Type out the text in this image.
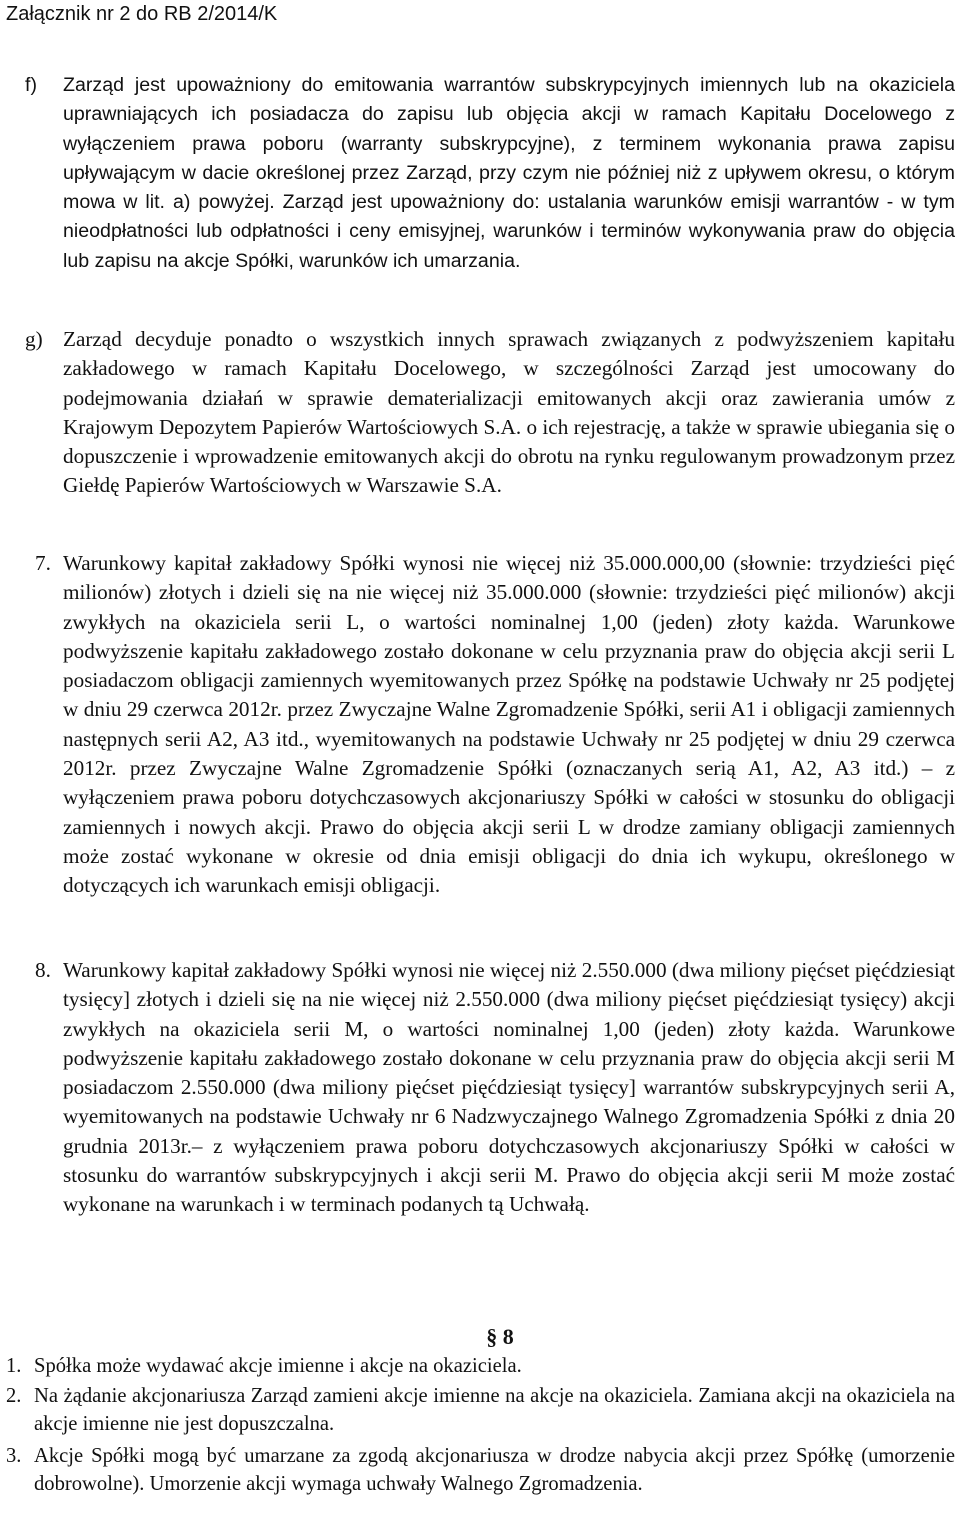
Załącznik nr 2 do RB 2/2014/K
f) Zarząd jest upoważniony do emitowania warrantów subskrypcyjnych imiennych lub na okaziciela uprawniających ich posiadacza do zapisu lub objęcia akcji w ramach Kapitału Docelowego z wyłączeniem prawa poboru (warranty subskrypcyjne), z terminem wykonania prawa zapisu upływającym w dacie określonej przez Zarząd, przy czym nie później niż z upływem okresu, o którym mowa w lit. a) powyżej. Zarząd jest upoważniony do: ustalania warunków emisji warrantów - w tym nieodpłatności lub odpłatności i ceny emisyjnej, warunków i terminów wykonywania praw do objęcia lub zapisu na akcje Spółki, warunków ich umarzania.
g) Zarząd decyduje ponadto o wszystkich innych sprawach związanych z podwyższeniem kapitału zakładowego w ramach Kapitału Docelowego, w szczególności Zarząd jest umocowany do podejmowania działań w sprawie dematerializacji emitowanych akcji oraz zawierania umów z Krajowym Depozytem Papierów Wartościowych S.A. o ich rejestrację, a także w sprawie ubiegania się o dopuszczenie i wprowadzenie emitowanych akcji do obrotu na rynku regulowanym prowadzonym przez Giełdę Papierów Wartościowych w Warszawie S.A.
7. Warunkowy kapitał zakładowy Spółki wynosi nie więcej niż 35.000.000,00 (słownie: trzydzieści pięć milionów) złotych i dzieli się na nie więcej niż 35.000.000 (słownie: trzydzieści pięć milionów) akcji zwykłych na okaziciela serii L, o wartości nominalnej 1,00 (jeden) złoty każda. Warunkowe podwyższenie kapitału zakładowego zostało dokonane w celu przyznania praw do objęcia akcji serii L posiadaczom obligacji zamiennych wyemitowanych przez Spółkę na podstawie Uchwały nr 25 podjętej w dniu 29 czerwca 2012r. przez Zwyczajne Walne Zgromadzenie Spółki, serii A1 i obligacji zamiennych następnych serii A2, A3 itd., wyemitowanych na podstawie Uchwały nr 25 podjętej w dniu 29 czerwca 2012r. przez Zwyczajne Walne Zgromadzenie Spółki (oznaczanych serią A1, A2, A3 itd.) – z wyłączeniem prawa poboru dotychczasowych akcjonariuszy Spółki w całości w stosunku do obligacji zamiennych i nowych akcji. Prawo do objęcia akcji serii L w drodze zamiany obligacji zamiennych może zostać wykonane w okresie od dnia emisji obligacji do dnia ich wykupu, określonego w dotyczących ich warunkach emisji obligacji.
8. Warunkowy kapitał zakładowy Spółki wynosi nie więcej niż 2.550.000 (dwa miliony pięćset pięćdziesiąt tysięcy] złotych i dzieli się na nie więcej niż 2.550.000 (dwa miliony pięćset pięćdziesiąt tysięcy) akcji zwykłych na okaziciela serii M, o wartości nominalnej 1,00 (jeden) złoty każda. Warunkowe podwyższenie kapitału zakładowego zostało dokonane w celu przyznania praw do objęcia akcji serii M posiadaczom 2.550.000 (dwa miliony pięćset pięćdziesiąt tysięcy] warrantów subskrypcyjnych serii A, wyemitowanych na podstawie Uchwały nr 6 Nadzwyczajnego Walnego Zgromadzenia Spółki z dnia 20 grudnia 2013r.– z wyłączeniem prawa poboru dotychczasowych akcjonariuszy Spółki w całości w stosunku do warrantów subskrypcyjnych i akcji serii M. Prawo do objęcia akcji serii M może zostać wykonane na warunkach i w terminach podanych tą Uchwałą.
§ 8
1. Spółka może wydawać akcje imienne i akcje na okaziciela.
2. Na żądanie akcjonariusza Zarząd zamieni akcje imienne na akcje na okaziciela. Zamiana akcji na okaziciela na akcje imienne nie jest dopuszczalna.
3. Akcje Spółki mogą być umarzane za zgodą akcjonariusza w drodze nabycia akcji przez Spółkę (umorzenie dobrowolne). Umorzenie akcji wymaga uchwały Walnego Zgromadzenia.
